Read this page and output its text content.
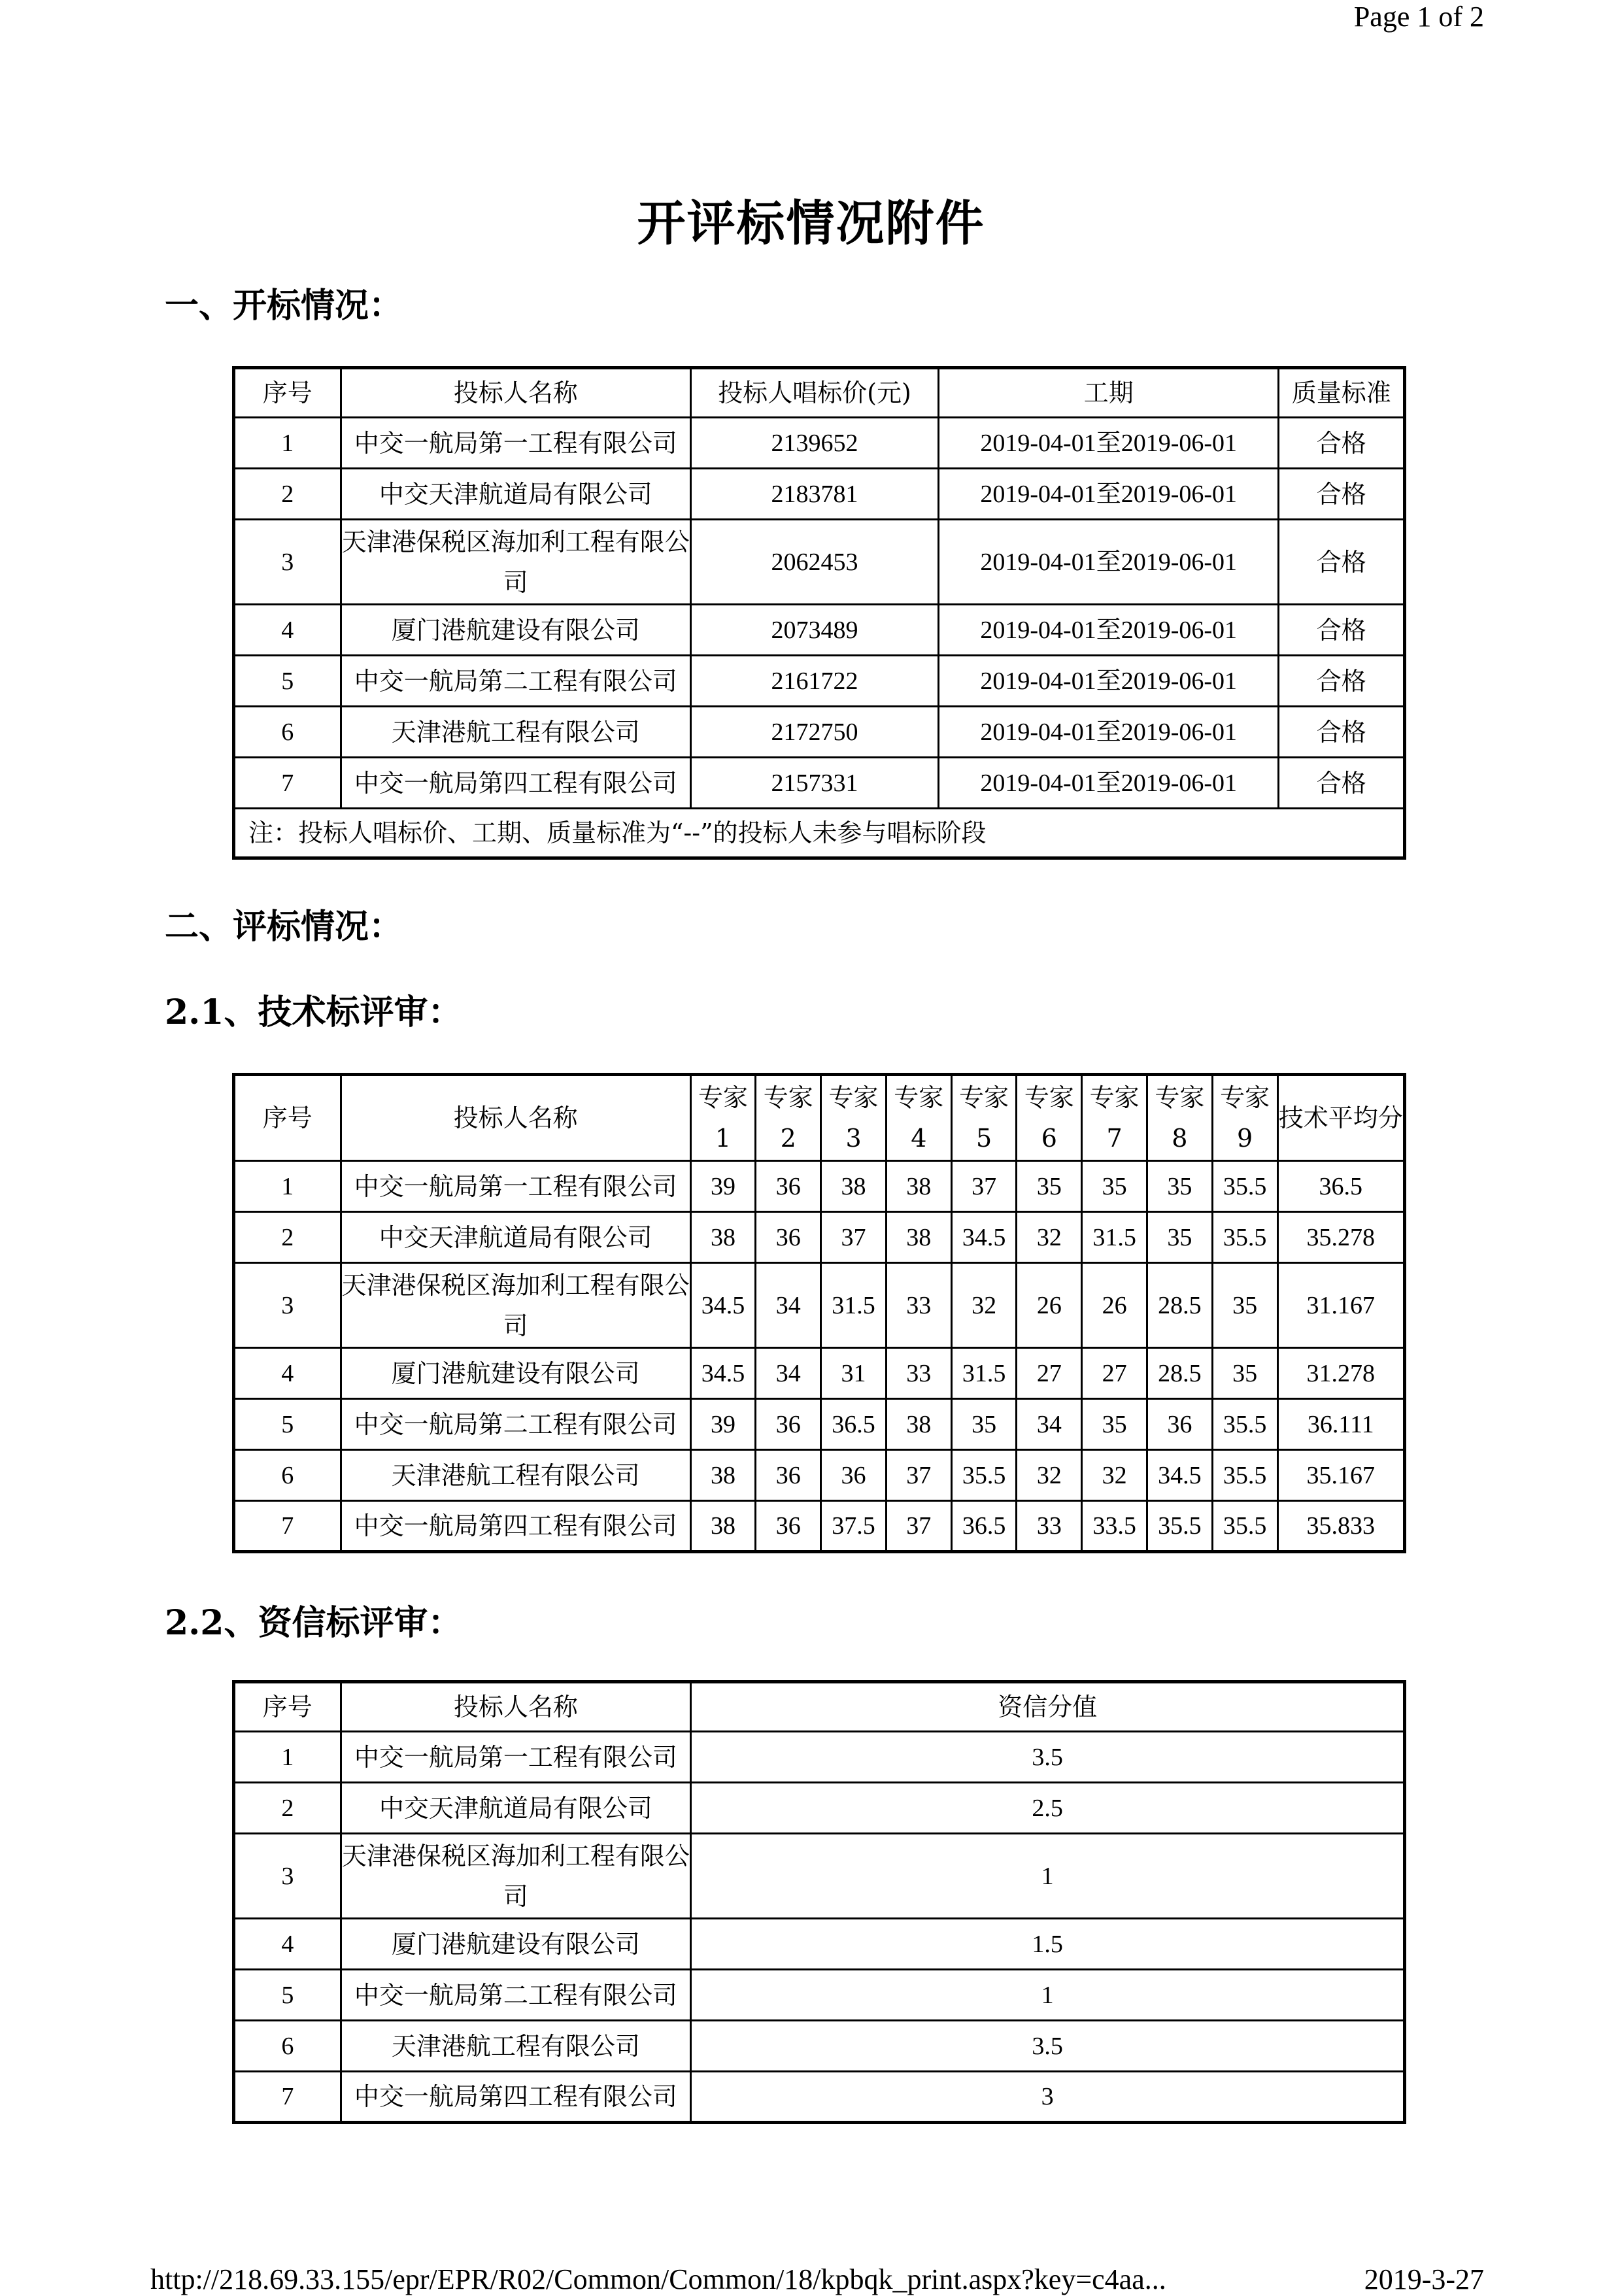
Page 1 of 2
开评标情况附件
一、开标情况：
序号	投标人名称	投标人唱标价(元)	工期	质量标准
1	中交一航局第一工程有限公司	2139652	2019-04-01至2019-06-01	合格
2	中交天津航道局有限公司	2183781	2019-04-01至2019-06-01	合格
3	天津港保税区海加利工程有限公司	2062453	2019-04-01至2019-06-01	合格
4	厦门港航建设有限公司	2073489	2019-04-01至2019-06-01	合格
5	中交一航局第二工程有限公司	2161722	2019-04-01至2019-06-01	合格
6	天津港航工程有限公司	2172750	2019-04-01至2019-06-01	合格
7	中交一航局第四工程有限公司	2157331	2019-04-01至2019-06-01	合格
注：投标人唱标价、工期、质量标准为“--”的投标人未参与唱标阶段				
二、评标情况：
2.1、技术标评审：
序号	投标人名称	专家1	专家2	专家3	专家4	专家5	专家6	专家7	专家8	专家9	技术平均分
1	中交一航局第一工程有限公司	39	36	38	38	37	35	35	35	35.5	36.5
2	中交天津航道局有限公司	38	36	37	38	34.5	32	31.5	35	35.5	35.278
3	天津港保税区海加利工程有限公司	34.5	34	31.5	33	32	26	26	28.5	35	31.167
4	厦门港航建设有限公司	34.5	34	31	33	31.5	27	27	28.5	35	31.278
5	中交一航局第二工程有限公司	39	36	36.5	38	35	34	35	36	35.5	36.111
6	天津港航工程有限公司	38	36	36	37	35.5	32	32	34.5	35.5	35.167
7	中交一航局第四工程有限公司	38	36	37.5	37	36.5	33	33.5	35.5	35.5	35.833
2.2、资信标评审：
序号	投标人名称	资信分值
1	中交一航局第一工程有限公司	3.5
2	中交天津航道局有限公司	2.5
3	天津港保税区海加利工程有限公司	1
4	厦门港航建设有限公司	1.5
5	中交一航局第二工程有限公司	1
6	天津港航工程有限公司	3.5
7	中交一航局第四工程有限公司	3
http://218.69.33.155/epr/EPR/R02/Common/Common/18/kpbqk_print.aspx?key=c4aa...	2019-3-27
